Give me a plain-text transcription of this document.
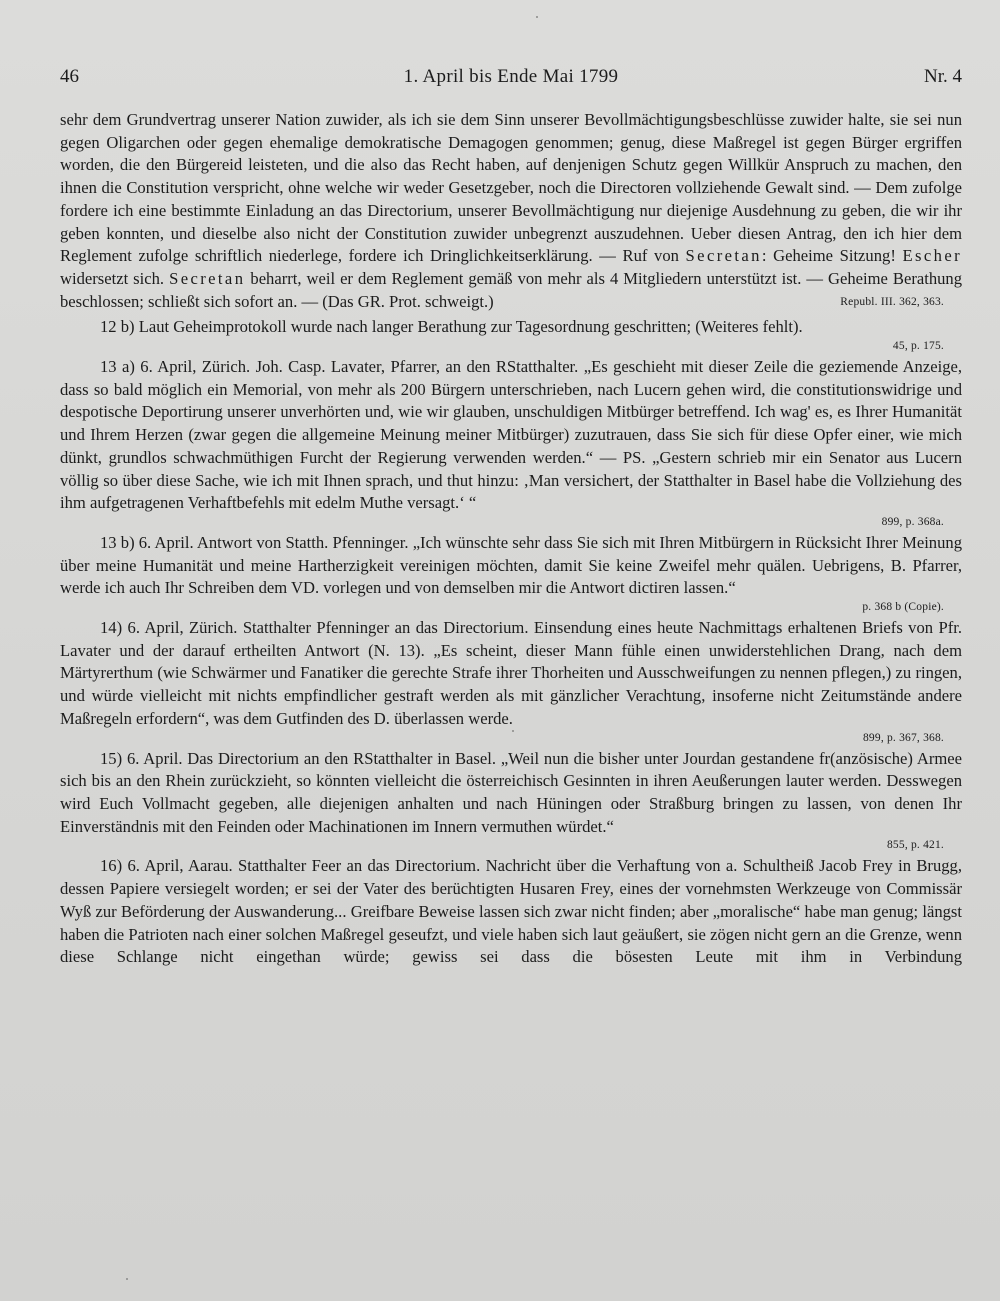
46	1. April bis Ende Mai 1799	Nr. 4

sehr dem Grundvertrag unserer Nation zuwider, als ich sie dem Sinn unserer Bevollmächtigungsbeschlüsse zuwider halte, sie sei nun gegen Oligarchen oder gegen ehemalige demokratische Demagogen genommen; genug, diese Maßregel ist gegen Bürger ergriffen worden, die den Bürgereid leisteten, und die also das Recht haben, auf denjenigen Schutz gegen Willkür Anspruch zu machen, den ihnen die Constitution verspricht, ohne welche wir weder Gesetzgeber, noch die Directoren vollziehende Gewalt sind. — Dem zufolge fordere ich eine bestimmte Einladung an das Directorium, unserer Bevollmächtigung nur diejenige Ausdehnung zu geben, die wir ihr geben konnten, und dieselbe also nicht der Constitution zuwider unbegrenzt auszudehnen. Ueber diesen Antrag, den ich hier dem Reglement zufolge schriftlich niederlege, fordere ich Dringlichkeitserklärung. — Ruf von Secretan: Geheime Sitzung! Escher widersetzt sich. Secretan beharrt, weil er dem Reglement gemäß von mehr als 4 Mitgliedern unterstützt ist. — Geheime Berathung beschlossen; schließt sich sofort an. — (Das GR. Prot. schweigt.)	Republ. III. 362, 363.

12 b) Laut Geheimprotokoll wurde nach langer Berathung zur Tagesordnung geschritten; (Weiteres fehlt).

45, p. 175.

13 a) 6. April, Zürich. Joh. Casp. Lavater, Pfarrer, an den RStatthalter. „Es geschieht mit dieser Zeile die geziemende Anzeige, dass so bald möglich ein Memorial, von mehr als 200 Bürgern unterschrieben, nach Lucern gehen wird, die constitutionswidrige und despotische Deportirung unserer unverhörten und, wie wir glauben, unschuldigen Mitbürger betreffend. Ich wag' es, es Ihrer Humanität und Ihrem Herzen (zwar gegen die allgemeine Meinung meiner Mitbürger) zuzutrauen, dass Sie sich für diese Opfer einer, wie mich dünkt, grundlos schwachmüthigen Furcht der Regierung verwenden werden.“ — PS. „Gestern schrieb mir ein Senator aus Lucern völlig so über diese Sache, wie ich mit Ihnen sprach, und thut hinzu: ‚Man versichert, der Statthalter in Basel habe die Vollziehung des ihm aufgetragenen Verhaftbefehls mit edelm Muthe versagt.‘ “

899, p. 368a.

13 b) 6. April. Antwort von Statth. Pfenninger. „Ich wünschte sehr dass Sie sich mit Ihren Mitbürgern in Rücksicht Ihrer Meinung über meine Humanität und meine Hartherzigkeit vereinigen möchten, damit Sie keine Zweifel mehr quälen. Uebrigens, B. Pfarrer, werde ich auch Ihr Schreiben dem VD. vorlegen und von demselben mir die Antwort dictiren lassen.“

p. 368 b (Copie).

14) 6. April, Zürich. Statthalter Pfenninger an das Directorium. Einsendung eines heute Nachmittags erhaltenen Briefs von Pfr. Lavater und der darauf ertheilten Antwort (N. 13). „Es scheint, dieser Mann fühle einen unwiderstehlichen Drang, nach dem Märtyrerthum (wie Schwärmer und Fanatiker die gerechte Strafe ihrer Thorheiten und Ausschweifungen zu nennen pflegen,) zu ringen, und würde vielleicht mit nichts empfindlicher gestraft werden als mit gänzlicher Verachtung, insoferne nicht Zeitumstände andere Maßregeln erfordern“, was dem Gutfinden des D. überlassen werde.

899, p. 367, 368.

15) 6. April. Das Directorium an den RStatthalter in Basel. „Weil nun die bisher unter Jourdan gestandene fr(anzösische) Armee sich bis an den Rhein zurückzieht, so könnten vielleicht die österreichisch Gesinnten in ihren Aeußerungen lauter werden. Desswegen wird Euch Vollmacht gegeben, alle diejenigen anhalten und nach Hüningen oder Straßburg bringen zu lassen, von denen Ihr Einverständnis mit den Feinden oder Machinationen im Innern vermuthen würdet.“

855, p. 421.

16) 6. April, Aarau. Statthalter Feer an das Directorium. Nachricht über die Verhaftung von a. Schultheiß Jacob Frey in Brugg, dessen Papiere versiegelt worden; er sei der Vater des berüchtigten Husaren Frey, eines der vornehmsten Werkzeuge von Commissär Wyß zur Beförderung der Auswanderung... Greifbare Beweise lassen sich zwar nicht finden; aber „moralische“ habe man genug; längst haben die Patrioten nach einer solchen Maßregel geseufzt, und viele haben sich laut geäußert, sie zögen nicht gern an die Grenze, wenn diese Schlange nicht eingethan würde; gewiss sei dass die bösesten Leute mit ihm in Verbindung
